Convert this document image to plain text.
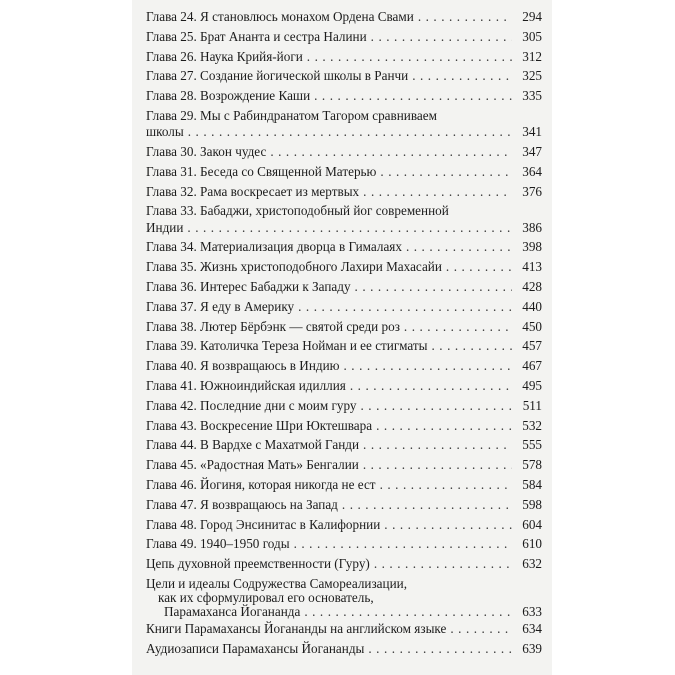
Глава 24. Я становлюсь монахом Ордена Свами . . .	294
Глава 25. Брат Ананта и сестра Налини . . .	305
Глава 26. Наука Крийя-йоги . . .	312
Глава 27. Создание йогической школы в Ранчи . . .	325
Глава 28. Возрождение Каши . . .	335
Глава 29. Мы с Рабиндранатом Тагором сравниваем
школы . . .	341
Глава 30. Закон чудес . . .	347
Глава 31. Беседа со Священной Матерью . . .	364
Глава 32. Рама воскресает из мертвых . . .	376
Глава 33. Бабаджи, христоподобный йог современной
Индии . . .	386
Глава 34. Материализация дворца в Гималаях . . .	398
Глава 35. Жизнь христоподобного Лахири Махасайи . . .	413
Глава 36. Интерес Бабаджи к Западу . . .	428
Глава 37. Я еду в Америку . . .	440
Глава 38. Лютер Бёрбэнк — святой среди роз . . .	450
Глава 39. Католичка Тереза Нойман и ее стигматы . . .	457
Глава 40. Я возвращаюсь в Индию . . .	467
Глава 41. Южноиндийская идиллия . . .	495
Глава 42. Последние дни с моим гуру . . .	511
Глава 43. Воскресение Шри Юктешвара . . .	532
Глава 44. В Вардхе с Махатмой Ганди . . .	555
Глава 45. «Радостная Мать» Бенгалии . . .	578
Глава 46. Йогиня, которая никогда не ест . . .	584
Глава 47. Я возвращаюсь на Запад . . .	598
Глава 48. Город Энсинитас в Калифорнии . . .	604
Глава 49. 1940–1950 годы . . .	610
Цепь духовной преемственности (Гуру) . . .	632
Цели и идеалы Содружества Самореализации,
как их сформулировал его основатель,
Парамаханса Йогананда . . .	633
Книги Парамахансы Йогананды на английском языке . . .	634
Аудиозаписи Парамахансы Йогананды . . .	639
